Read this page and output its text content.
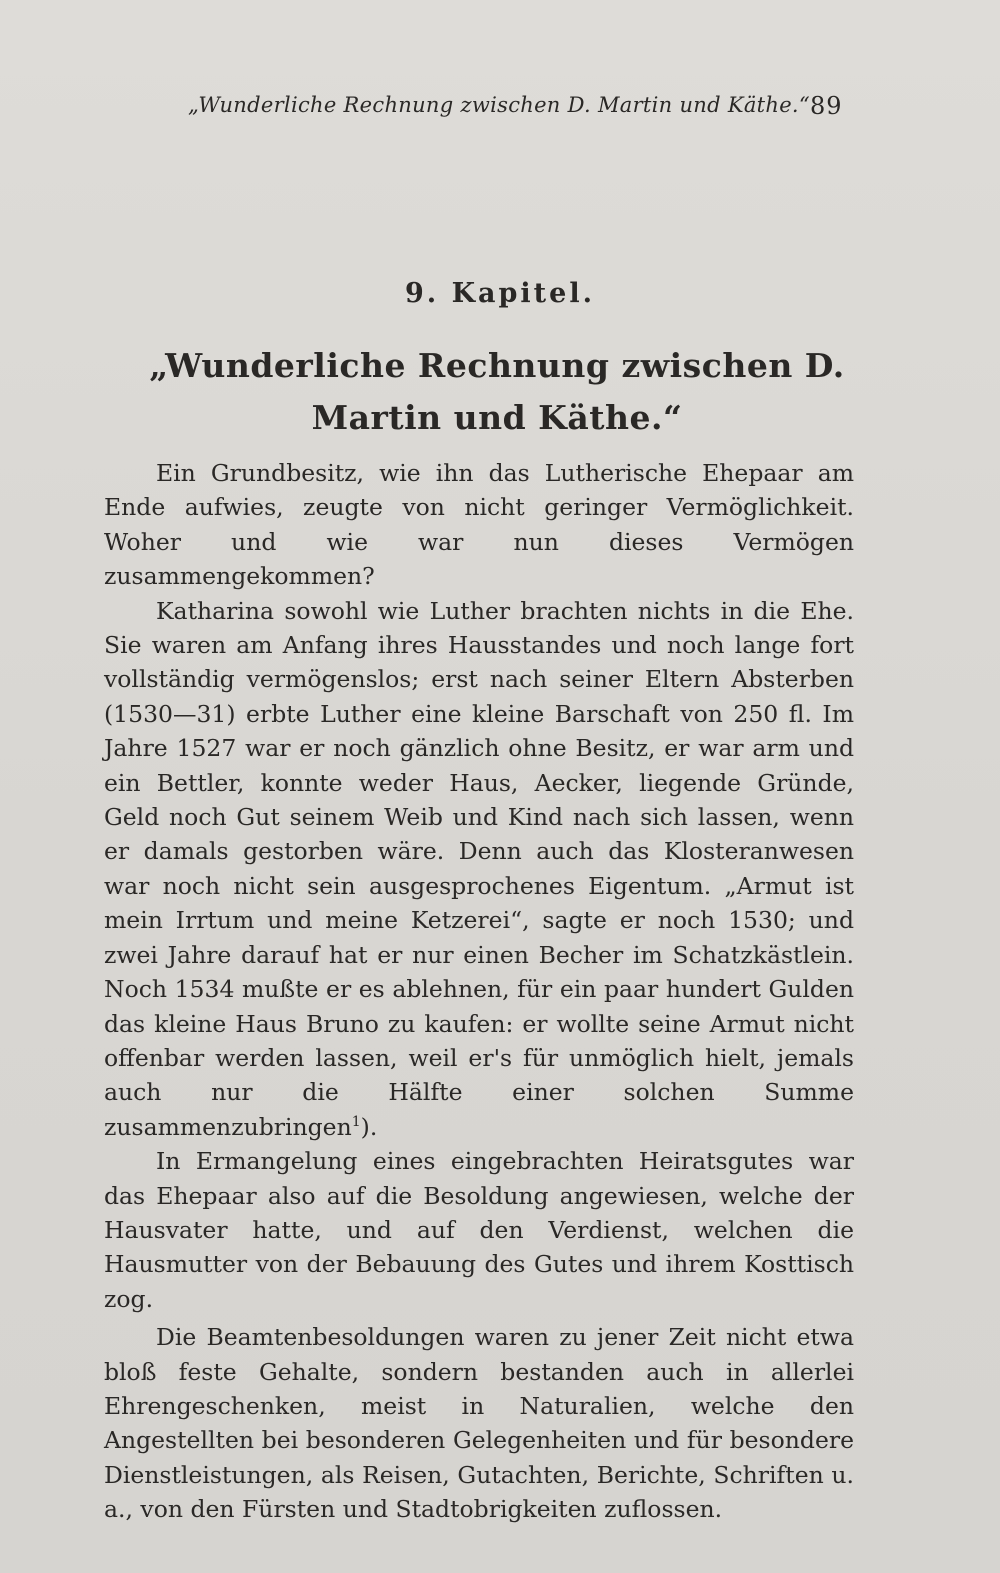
„Wunderliche Rechnung zwischen D. Martin und Käthe.“ 89
9. Kapitel.
„Wunderliche Rechnung zwischen D. Martin und Käthe.“

Ein Grundbesitz, wie ihn das Lutherische Ehepaar am Ende aufwies, zeugte von nicht geringer Vermöglichkeit. Woher und wie war nun dieses Vermögen zusammengekommen?

Katharina sowohl wie Luther brachten nichts in die Ehe. Sie waren am Anfang ihres Hausstandes und noch lange fort vollständig vermögenslos; erst nach seiner Eltern Absterben (1530—31) erbte Luther eine kleine Barschaft von 250 fl. Im Jahre 1527 war er noch gänzlich ohne Besitz, er war arm und ein Bettler, konnte weder Haus, Aecker, liegende Gründe, Geld noch Gut seinem Weib und Kind nach sich lassen, wenn er damals gestorben wäre. Denn auch das Klosteranwesen war noch nicht sein ausgesprochenes Eigentum. „Armut ist mein Irrtum und meine Ketzerei“, sagte er noch 1530; und zwei Jahre darauf hat er nur einen Becher im Schatzkästlein. Noch 1534 mußte er es ablehnen, für ein paar hundert Gulden das kleine Haus Bruno zu kaufen: er wollte seine Armut nicht offenbar werden lassen, weil er's für unmöglich hielt, jemals auch nur die Hälfte einer solchen Summe zusammenzubringen$^1$).

In Ermangelung eines eingebrachten Heiratsgutes war das Ehepaar also auf die Besoldung angewiesen, welche der Hausvater hatte, und auf den Verdienst, welchen die Hausmutter von der Bebauung des Gutes und ihrem Kosttisch zog.

Die Beamtenbesoldungen waren zu jener Zeit nicht etwa bloß feste Gehalte, sondern bestanden auch in allerlei Ehrengeschenken, meist in Naturalien, welche den Angestellten bei besonderen Gelegenheiten und für besondere Dienstleistungen, als Reisen, Gutachten, Berichte, Schriften u. a., von den Fürsten und Stadtobrigkeiten zuflossen.
